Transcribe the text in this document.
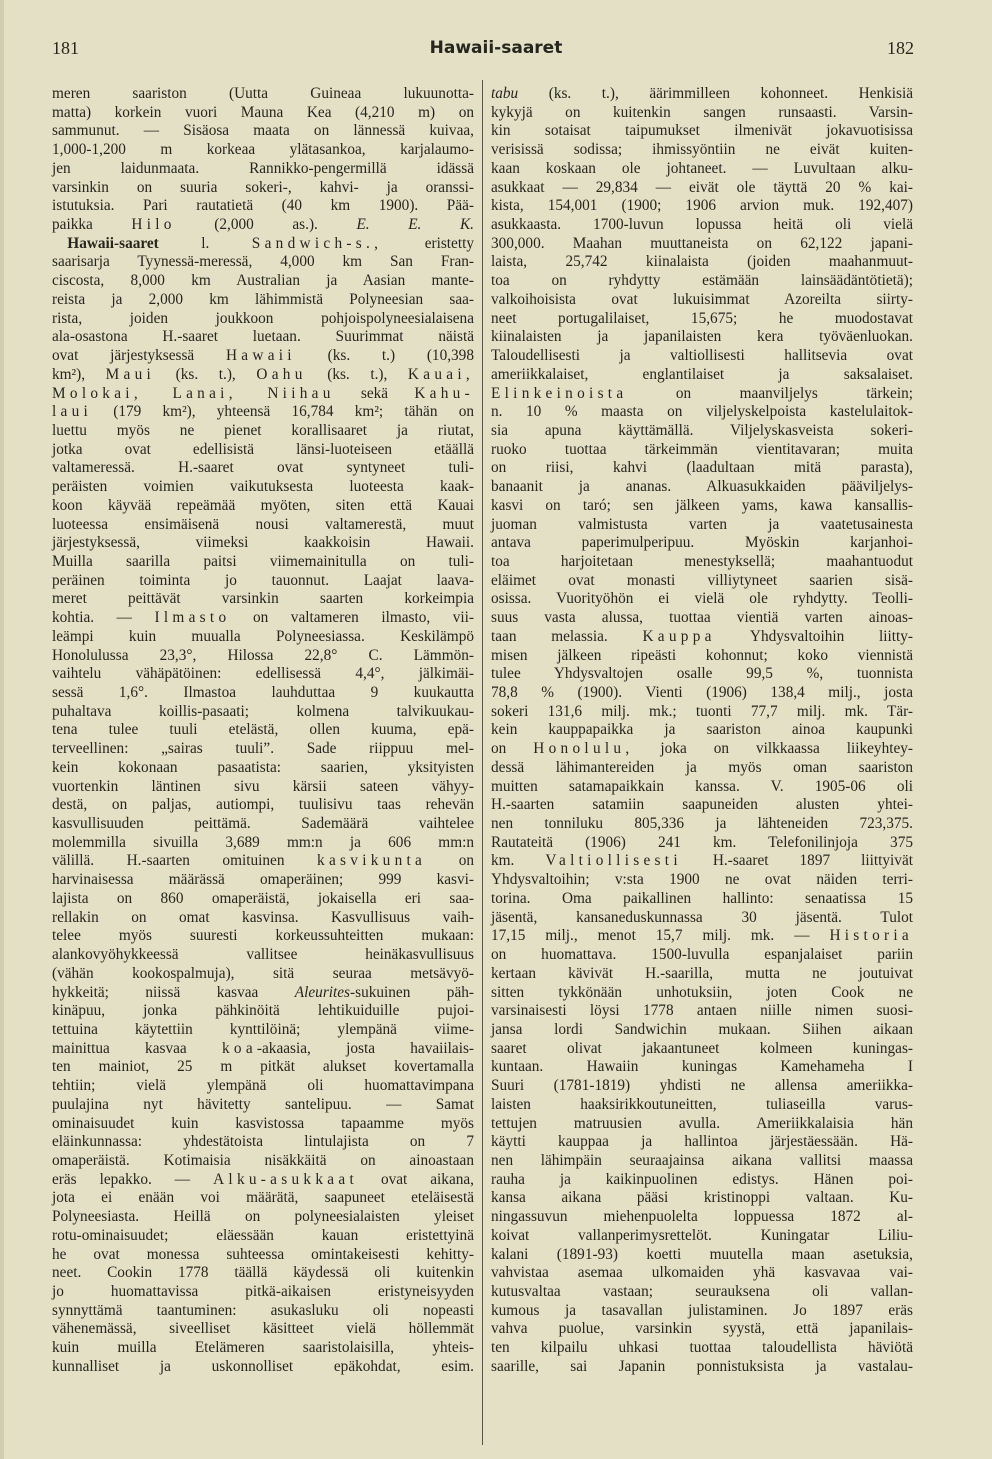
181	Hawaii-saaret	182
meren saariston (Uutta Guineaa lukuunotta-
matta) korkein vuori Mauna Kea (4,210 m) on
sammunut. — Sisäosa maata on lännessä kuivaa,
1,000-1,200 m korkeaa ylätasankoa, karjalaumo-
jen laidunmaata. Rannikko-pengermillä idässä
varsinkin on suuria sokeri-, kahvi- ja oranssi-
istutuksia. Pari rautatietä (40 km 1900). Pää-
paikka Hilo (2,000 as.). E. E. K.
 Hawaii-saaret l. Sandwich-s., eristetty
saarisarja Tyynessä-meressä, 4,000 km San Fran-
ciscosta, 8,000 km Australian ja Aasian mante-
reista ja 2,000 km lähimmistä Polyneesian saa-
rista, joiden joukkoon pohjoispolyneesialaisena
ala-osastona H.-saaret luetaan. Suurimmat näistä
ovat järjestyksessä Hawaii (ks. t.) (10,398
km²), Maui (ks. t.), Oahu (ks. t.), Kauai,
Molokai, Lanai, Niihau sekä Kahu-
laui (179 km²), yhteensä 16,784 km²; tähän on
luettu myös ne pienet korallisaaret ja riutat,
jotka ovat edellisistä länsi-luoteiseen etäällä
valtameressä. H.-saaret ovat syntyneet tuli-
peräisten voimien vaikutuksesta luoteesta kaak-
koon käyvää repeämää myöten, siten että Kauai
luoteessa ensimäisenä nousi valtamerestä, muut
järjestyksessä, viimeksi kaakkoisin Hawaii.
Muilla saarilla paitsi viimemainitulla on tuli-
peräinen toiminta jo tauonnut. Laajat laava-
meret peittävät varsinkin saarten korkeimpia
kohtia. — Ilmasto on valtameren ilmasto, vii-
leämpi kuin muualla Polyneesiassa. Keskilämpö
Honolulussa 23,3°, Hilossa 22,8° C. Lämmön-
vaihtelu vähäpätöinen: edellisessä 4,4°, jälkimäi-
sessä 1,6°. Ilmastoa lauhduttaa 9 kuukautta
puhaltava koillis-pasaati; kolmena talvikuukau-
tena tulee tuuli etelästä, ollen kuuma, epä-
terveellinen: „sairas tuuli”. Sade riippuu mel-
kein kokonaan pasaatista: saarien, yksityisten
vuortenkin läntinen sivu kärsii sateen vähyy-
destä, on paljas, autiompi, tuulisivu taas rehevän
kasvullisuuden peittämä. Sademäärä vaihtelee
molemmilla sivuilla 3,689 mm:n ja 606 mm:n
välillä. H.-saarten omituinen kasvikunta on
harvinaisessa määrässä omaperäinen; 999 kasvi-
lajista on 860 omaperäistä, jokaisella eri saa-
rellakin on omat kasvinsa. Kasvullisuus vaih-
telee myös suuresti korkeussuhteitten mukaan:
alankovyöhykkeessä vallitsee heinäkasvullisuus
(vähän kookospalmuja), sitä seuraa metsävyö-
hykkeitä; niissä kasvaa Aleurites-sukuinen päh-
kinäpuu, jonka pähkinöitä lehtikuiduille pujoi-
tettuina käytettiin kynttilöinä; ylempänä viime-
mainittua kasvaa koa-akaasia, josta havaiilais-
ten mainiot, 25 m pitkät alukset kovertamalla
tehtiin; vielä ylempänä oli huomattavimpana
puulajina nyt hävitetty santelipuu. — Samat
ominaisuudet kuin kasvistossa tapaamme myös
eläinkunnassa: yhdestätoista lintulajista on 7
omaperäistä. Kotimaisia nisäkkäitä on ainoastaan
eräs lepakko. — Alku-asukkaat ovat aikana,
jota ei enään voi määrätä, saapuneet eteläisestä
Polyneesiasta. Heillä on polyneesialaisten yleiset
rotu-ominaisuudet; eläessään kauan eristettyinä
he ovat monessa suhteessa omintakeisesti kehitty-
neet. Cookin 1778 täällä käydessä oli kuitenkin
jo huomattavissa pitkä-aikaisen eristyneisyyden
synnyttämä taantuminen: asukasluku oli nopeasti
vähenemässä, siveelliset käsitteet vielä höllemmät
kuin muilla Etelämeren saaristolaisilla, yhteis-
kunnalliset ja uskonnolliset epäkohdat, esim.
tabu (ks. t.), äärimmilleen kohonneet. Henkisiä
kykyjä on kuitenkin sangen runsaasti. Varsin-
kin sotaisat taipumukset ilmenivät jokavuotisissa
verisissä sodissa; ihmissyöntiin ne eivät kuiten-
kaan koskaan ole johtaneet. — Luvultaan alku-
asukkaat — 29,834 — eivät ole täyttä 20 % kai-
kista, 154,001 (1900; 1906 arvion muk. 192,407)
asukkaasta. 1700-luvun lopussa heitä oli vielä
300,000. Maahan muuttaneista on 62,122 japani-
laista, 25,742 kiinalaista (joiden maahanmuut-
toa on ryhdytty estämään lainsäädäntötietä);
valkoihoisista ovat lukuisimmat Azoreilta siirty-
neet portugalilaiset, 15,675; he muodostavat
kiinalaisten ja japanilaisten kera työväenluokan.
Taloudellisesti ja valtiollisesti hallitsevia ovat
ameriikkalaiset, englantilaiset ja saksalaiset.
Elinkeinoista on maanviljelys tärkein;
n. 10 % maasta on viljelyskelpoista kastelulaitok-
sia apuna käyttämällä. Viljelyskasveista sokeri-
ruoko tuottaa tärkeimmän vientitavaran; muita
on riisi, kahvi (laadultaan mitä parasta),
banaanit ja ananas. Alkuasukkaiden pääviljelys-
kasvi on taró; sen jälkeen yams, kawa kansallis-
juoman valmistusta varten ja vaatetusainesta
antava paperimulperipuu. Myöskin karjanhoi-
toa harjoitetaan menestyksellä; maahantuodut
eläimet ovat monasti villiytyneet saarien sisä-
osissa. Vuorityöhön ei vielä ole ryhdytty. Teolli-
suus vasta alussa, tuottaa vientiä varten ainoas-
taan melassia. Kauppa Yhdysvaltoihin liitty-
misen jälkeen ripeästi kohonnut; koko viennistä
tulee Yhdysvaltojen osalle 99,5 %, tuonnista
78,8 % (1900). Vienti (1906) 138,4 milj., josta
sokeri 131,6 milj. mk.; tuonti 77,7 milj. mk. Tär-
kein kauppapaikka ja saariston ainoa kaupunki
on Honolulu, joka on vilkkaassa liikeyhtey-
dessä lähimantereiden ja myös oman saariston
muitten satamapaikkain kanssa. V. 1905-06 oli
H.-saarten satamiin saapuneiden alusten yhtei-
nen tonniluku 805,336 ja lähteneiden 723,375.
Rautateitä (1906) 241 km. Telefonilinjoja 375
km. Valtiollisesti H.-saaret 1897 liittyivät
Yhdysvaltoihin; v:sta 1900 ne ovat näiden terri-
torina. Oma paikallinen hallinto: senaatissa 15
jäsentä, kansaneduskunnassa 30 jäsentä. Tulot
17,15 milj., menot 15,7 milj. mk. — Historia
on huomattava. 1500-luvulla espanjalaiset pariin
kertaan kävivät H.-saarilla, mutta ne joutuivat
sitten tykkönään unhotuksiin, joten Cook ne
varsinaisesti löysi 1778 antaen niille nimen suosi-
jansa lordi Sandwichin mukaan. Siihen aikaan
saaret olivat jakaantuneet kolmeen kuningas-
kuntaan. Hawaiin kuningas Kamehameha I
Suuri (1781-1819) yhdisti ne allensa ameriikka-
laisten haaksirikkoutuneitten, tuliaseilla varus-
tettujen matruusien avulla. Ameriikkalaisia hän
käytti kauppaa ja hallintoa järjestäessään. Hä-
nen lähimpäin seuraajainsa aikana vallitsi maassa
rauha ja kaikinpuolinen edistys. Hänen poi-
kansa aikana pääsi kristinoppi valtaan. Ku-
ningassuvun miehenpuolelta loppuessa 1872 al-
koivat vallanperimysrettelöt. Kuningatar Liliu-
kalani (1891-93) koetti muutella maan asetuksia,
vahvistaa asemaa ulkomaiden yhä kasvavaa vai-
kutusvaltaa vastaan; seurauksena oli vallan-
kumous ja tasavallan julistaminen. Jo 1897 eräs
vahva puolue, varsinkin syystä, että japanilais-
ten kilpailu uhkasi tuottaa taloudellista häviötä
saarille, sai Japanin ponnistuksista ja vastalau-
